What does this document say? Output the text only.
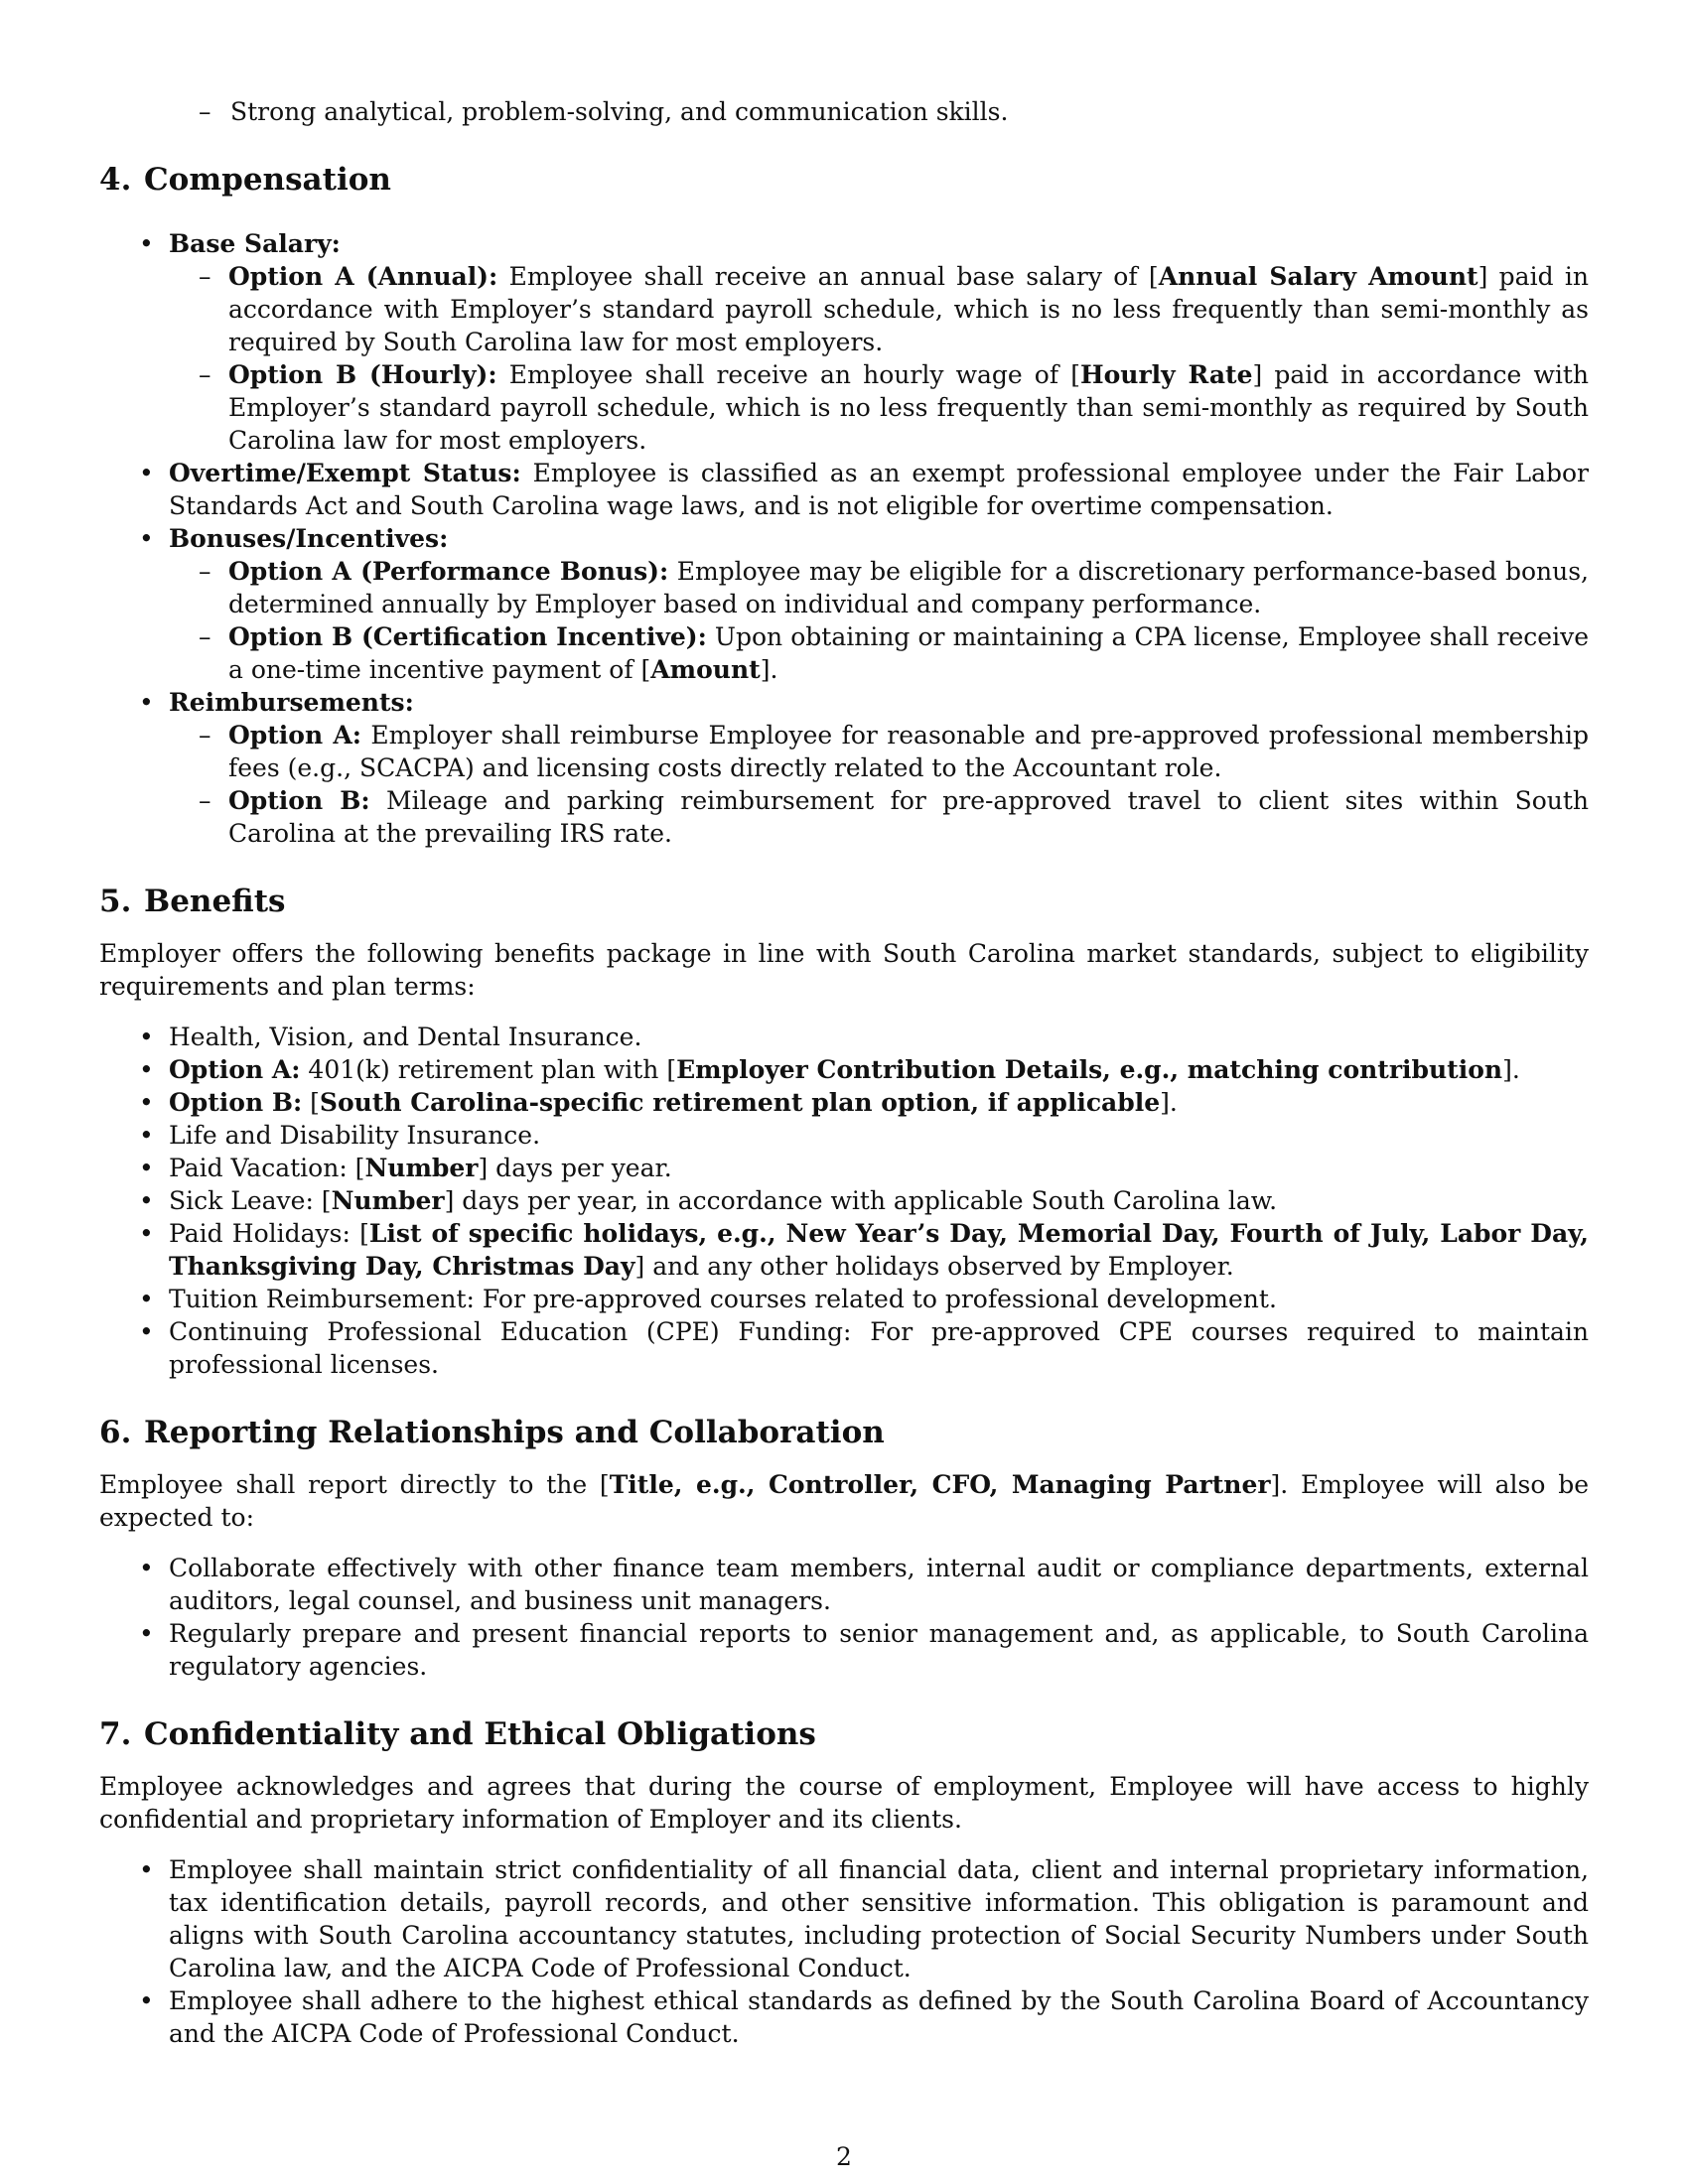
– Strong analytical, problem-solving, and communication skills.
4. Compensation
• Base Salary:
– Option A (Annual): Employee shall receive an annual base salary of [Annual Salary Amount] paid in accordance with Employer’s standard payroll schedule, which is no less frequently than semi-monthly as required by South Carolina law for most employers.
– Option B (Hourly): Employee shall receive an hourly wage of [Hourly Rate] paid in accordance with Employer’s standard payroll schedule, which is no less frequently than semi-monthly as required by South Carolina law for most employers.
• Overtime/Exempt Status: Employee is classified as an exempt professional employee under the Fair Labor Standards Act and South Carolina wage laws, and is not eligible for overtime compensation.
• Bonuses/Incentives:
– Option A (Performance Bonus): Employee may be eligible for a discretionary performance-based bonus, determined annually by Employer based on individual and company performance.
– Option B (Certification Incentive): Upon obtaining or maintaining a CPA license, Employee shall receive a one-time incentive payment of [Amount].
• Reimbursements:
– Option A: Employer shall reimburse Employee for reasonable and pre-approved professional membership fees (e.g., SCACPA) and licensing costs directly related to the Accountant role.
– Option B: Mileage and parking reimbursement for pre-approved travel to client sites within South Carolina at the prevailing IRS rate.
5. Benefits

Employer offers the following benefits package in line with South Carolina market standards, subject to eligibility requirements and plan terms:

• Health, Vision, and Dental Insurance.
• Option A: 401(k) retirement plan with [Employer Contribution Details, e.g., matching contribution].
• Option B: [South Carolina-specific retirement plan option, if applicable].
• Life and Disability Insurance.
• Paid Vacation: [Number] days per year.
• Sick Leave: [Number] days per year, in accordance with applicable South Carolina law.
• Paid Holidays: [List of specific holidays, e.g., New Year’s Day, Memorial Day, Fourth of July, Labor Day, Thanksgiving Day, Christmas Day] and any other holidays observed by Employer.
• Tuition Reimbursement: For pre-approved courses related to professional development.
• Continuing Professional Education (CPE) Funding: For pre-approved CPE courses required to maintain professional licenses.
6. Reporting Relationships and Collaboration

Employee shall report directly to the [Title, e.g., Controller, CFO, Managing Partner]. Employee will also be expected to:

• Collaborate effectively with other finance team members, internal audit or compliance departments, external auditors, legal counsel, and business unit managers.
• Regularly prepare and present financial reports to senior management and, as applicable, to South Carolina regulatory agencies.
7. Confidentiality and Ethical Obligations

Employee acknowledges and agrees that during the course of employment, Employee will have access to highly confidential and proprietary information of Employer and its clients.

• Employee shall maintain strict confidentiality of all financial data, client and internal proprietary information, tax identification details, payroll records, and other sensitive information. This obligation is paramount and aligns with South Carolina accountancy statutes, including protection of Social Security Numbers under South Carolina law, and the AICPA Code of Professional Conduct.
• Employee shall adhere to the highest ethical standards as defined by the South Carolina Board of Accountancy and the AICPA Code of Professional Conduct.
2
